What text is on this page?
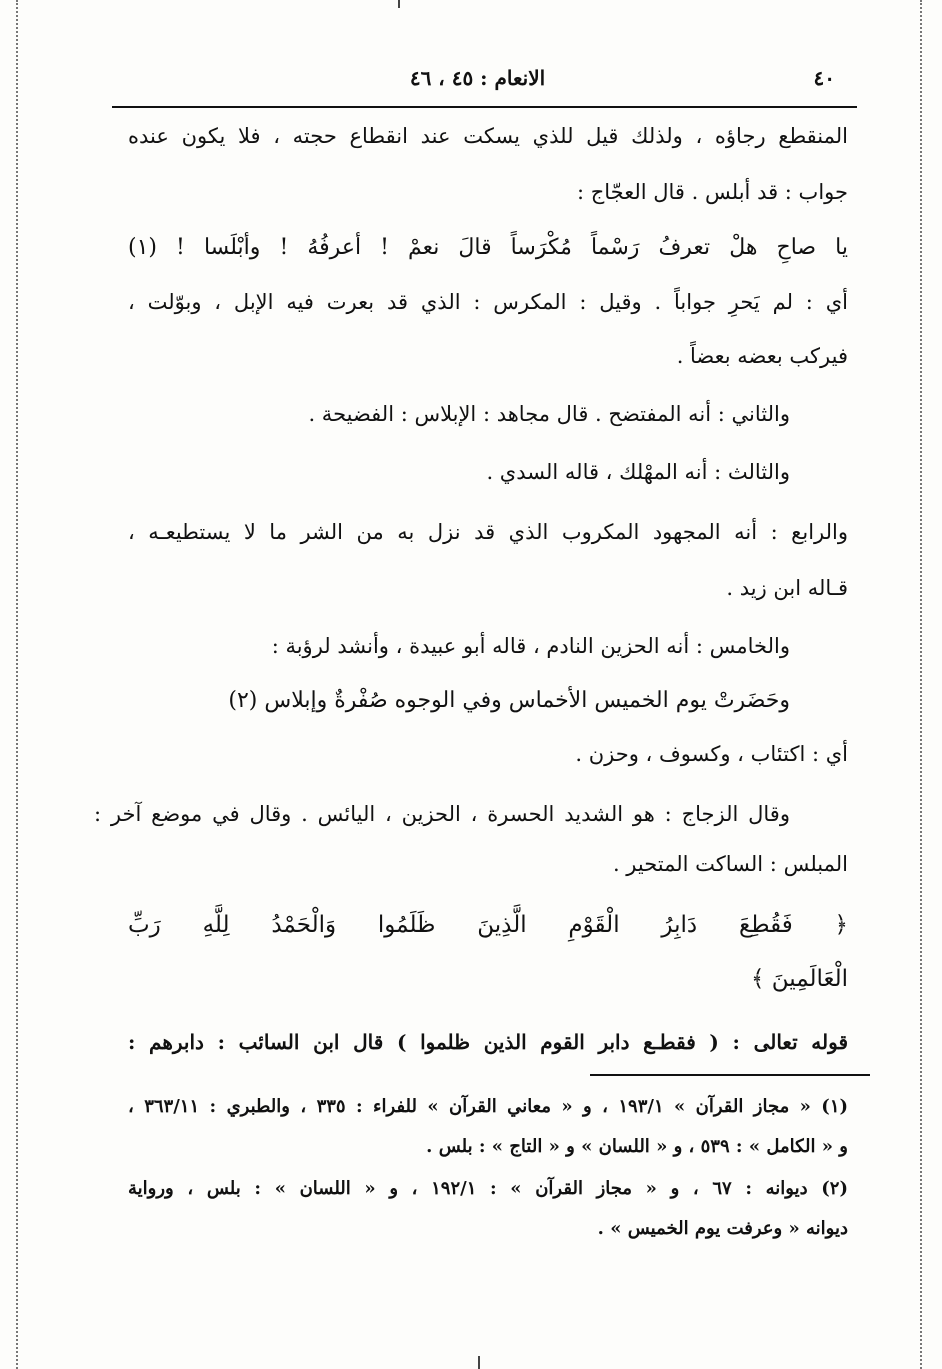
٤٠
الانعام : ٤٥ ، ٤٦
المنقطع رجاؤه ، ولذلك قيل للذي يسكت عند انقطاع حجته ، فلا يكون عنده
جواب : قد أبلس . قال العجّاج :
يا صاحِ هلْ تعرفُ رَسْماً مُكْرَساً قالَ نعمْ ! أعرفُهُ ! وأبْلَسا ! (١)
أي : لم يَحرِ جواباً . وقيل : المكرس : الذي قد بعرت فيه الإبل ، وبوّلت ،
فيركب بعضه بعضاً .
والثاني : أنه المفتضح . قال مجاهد : الإبلاس : الفضيحة .
والثالث : أنه المهْلك ، قاله السدي .
والرابع : أنه المجهود المكروب الذي قد نزل به من الشر ما لا يستطيعـه ،
قـاله ابن زيد .
والخامس : أنه الحزين النادم ، قاله أبو عبيدة ، وأنشد لرؤبة :
وحَضَرتْ يوم الخميس الأخماس وفي الوجوه صُفْرةٌ وإبلاس (٢)
أي : اكتئاب ، وكسوف ، وحزن .
وقال الزجاج : هو الشديد الحسرة ، الحزين ، اليائس . وقال في موضع آخر :
المبلس : الساكت المتحير .
﴿ فَقُطِعَ دَابِرُ الْقَوْمِ الَّذِينَ ظَلَمُوا وَالْحَمْدُ لِلَّهِ رَبِّ
الْعَالَمِينَ ﴾
قوله تعالى : ( فقطـع دابر القوم الذين ظلموا ) قال ابن السائب : دابرهم :
(١) « مجاز القرآن » ١٩٣/١ ، و « معاني القرآن » للفراء : ٣٣٥ ، والطبري : ٣٦٣/١١ ،
و « الكامل » : ٥٣٩ ، و « اللسان » و « التاج » : بلس .
(٢) ديوانه : ٦٧ ، و « مجاز القرآن » : ١٩٢/١ ، و « اللسان » : بلس ، ورواية
ديوانه « وعرفت يوم الخميس » .
